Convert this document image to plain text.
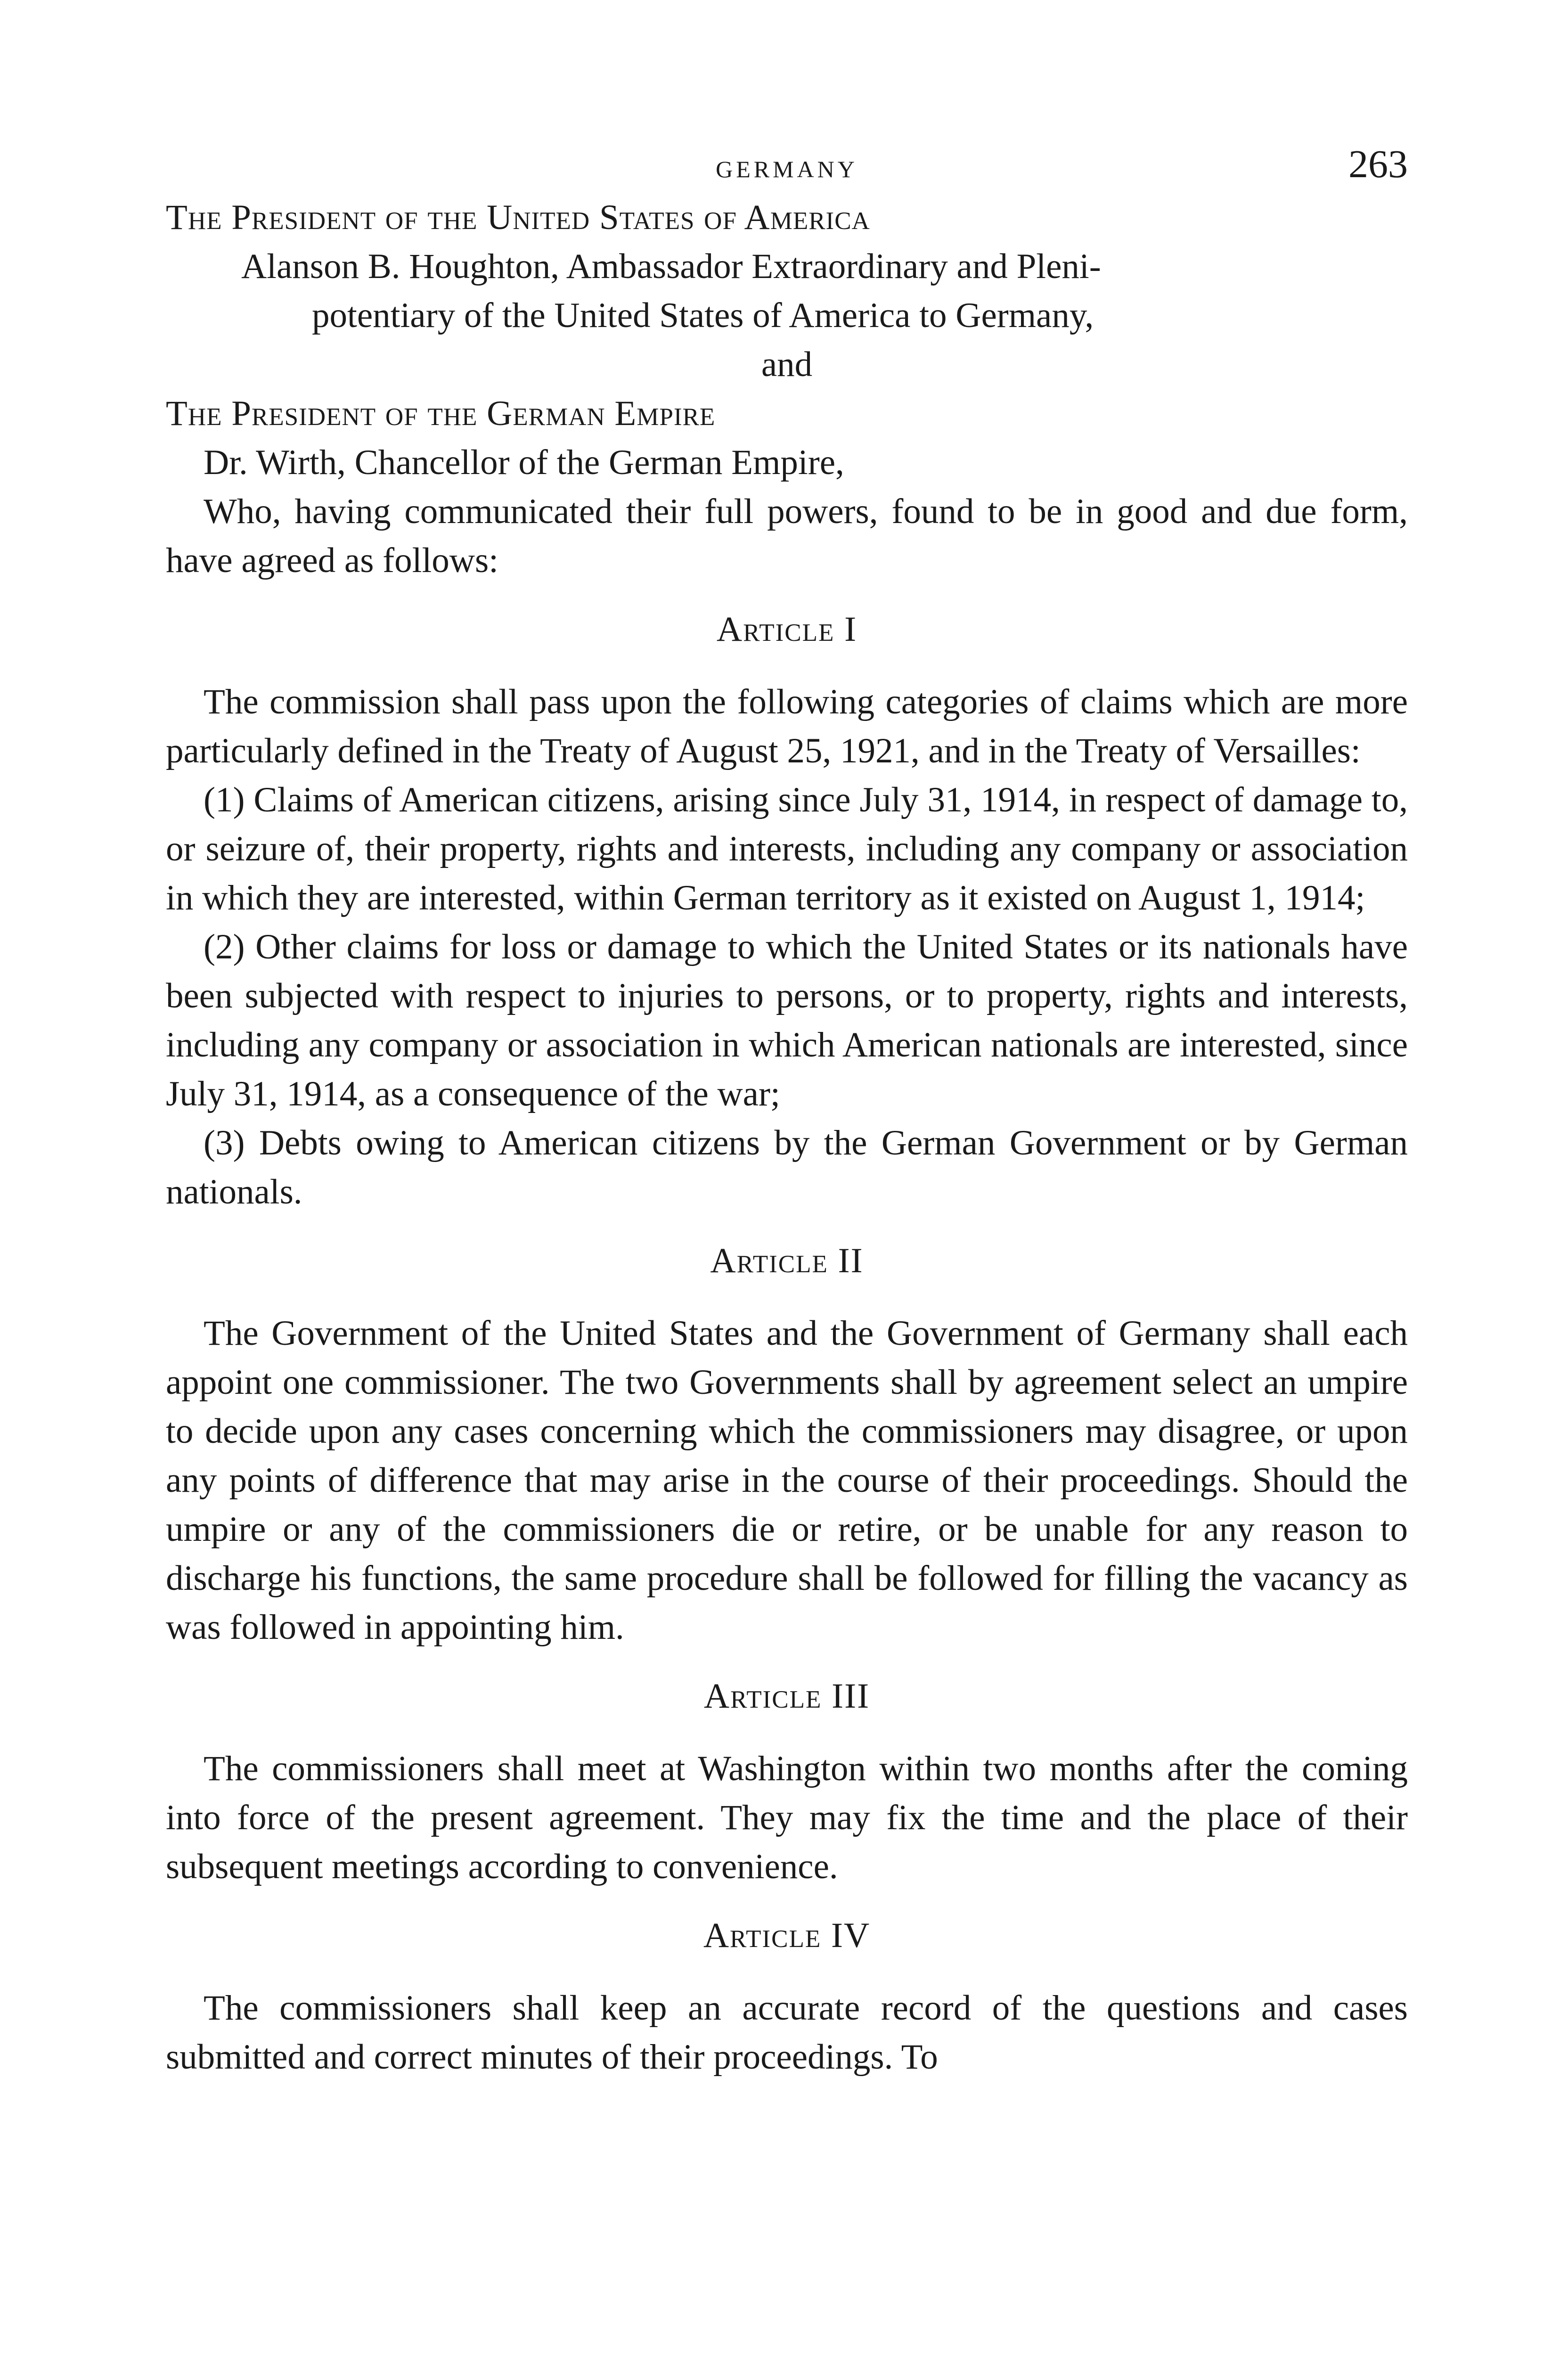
GERMANY	263
The President of the United States of America
Alanson B. Houghton, Ambassador Extraordinary and Pleni-
potentiary of the United States of America to Germany,
and
The President of the German Empire
Dr. Wirth, Chancellor of the German Empire,

Who, having communicated their full powers, found to be in good and due form, have agreed as follows:

Article I

The commission shall pass upon the following categories of claims which are more particularly defined in the Treaty of August 25, 1921, and in the Treaty of Versailles:

(1) Claims of American citizens, arising since July 31, 1914, in respect of damage to, or seizure of, their property, rights and interests, including any company or association in which they are interested, within German territory as it existed on August 1, 1914;

(2) Other claims for loss or damage to which the United States or its nationals have been subjected with respect to injuries to persons, or to property, rights and interests, including any company or association in which American nationals are interested, since July 31, 1914, as a consequence of the war;

(3) Debts owing to American citizens by the German Government or by German nationals.

Article II

The Government of the United States and the Government of Germany shall each appoint one commissioner. The two Governments shall by agreement select an umpire to decide upon any cases concerning which the commissioners may disagree, or upon any points of difference that may arise in the course of their proceedings. Should the umpire or any of the commissioners die or retire, or be unable for any reason to discharge his functions, the same procedure shall be followed for filling the vacancy as was followed in appointing him.

Article III

The commissioners shall meet at Washington within two months after the coming into force of the present agreement. They may fix the time and the place of their subsequent meetings according to convenience.

Article IV

The commissioners shall keep an accurate record of the questions and cases submitted and correct minutes of their proceedings. To
